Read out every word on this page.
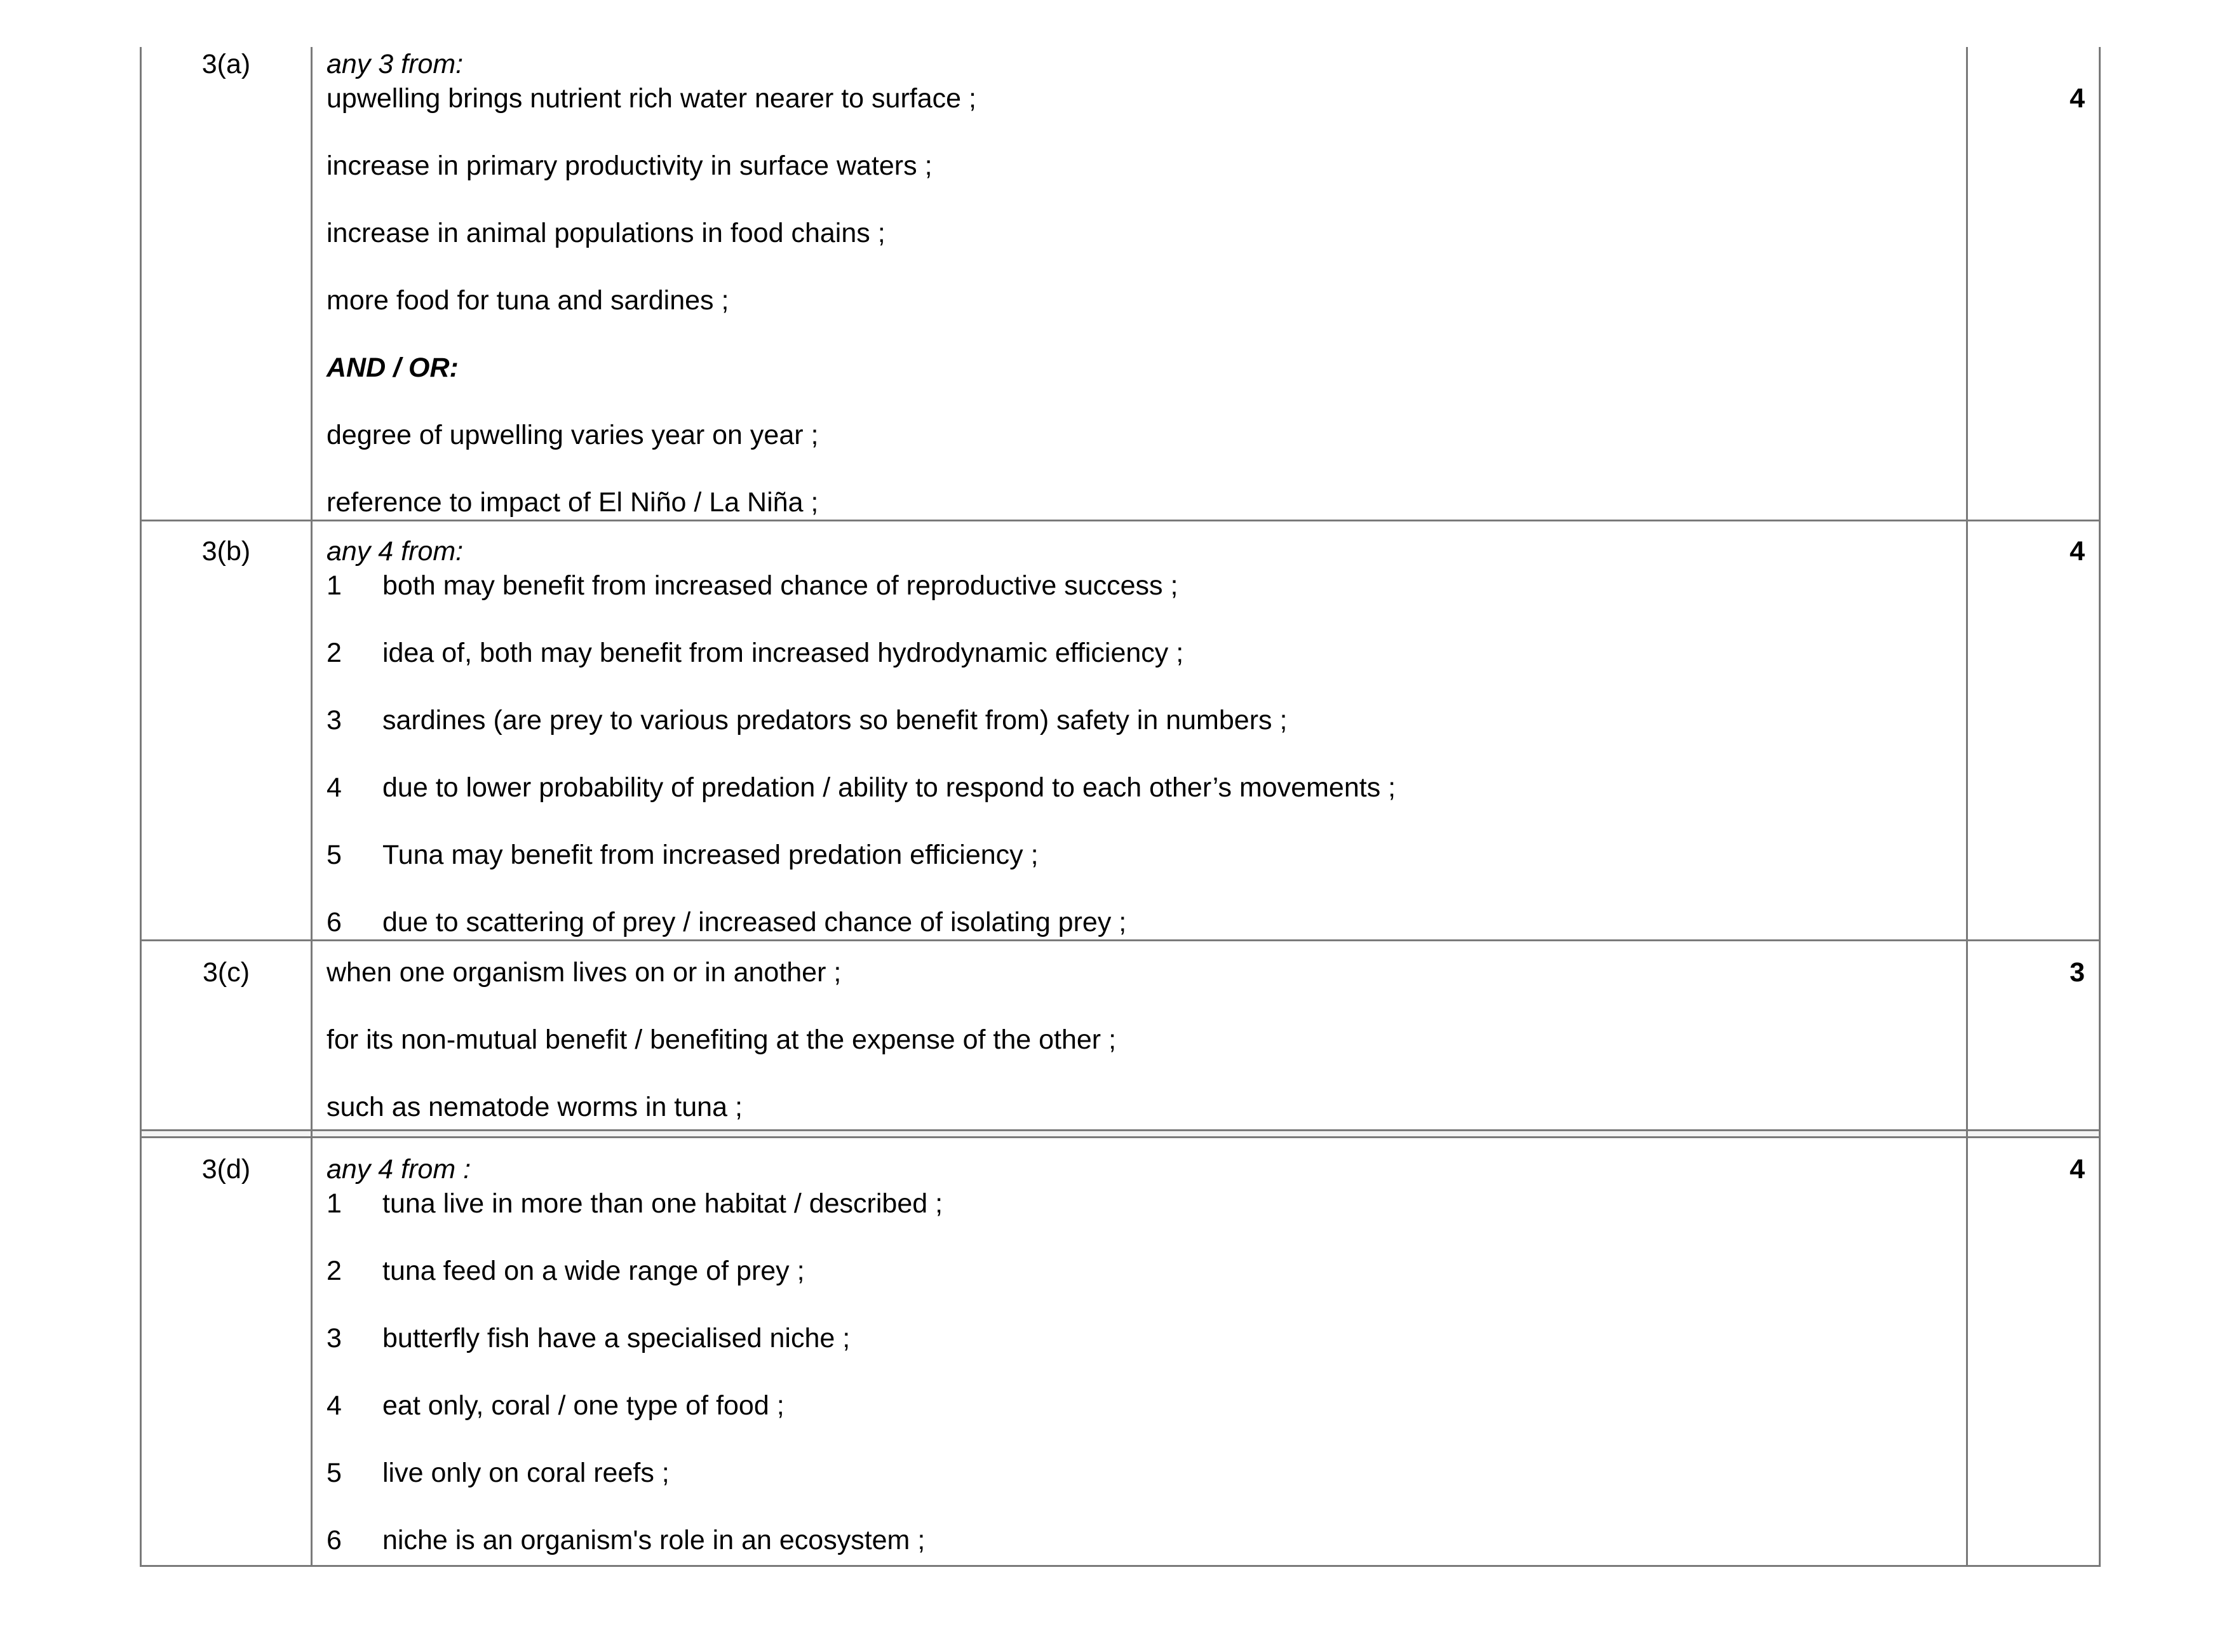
3(a)	any 3 from:
upwelling brings nutrient rich water nearer to surface ;
increase in primary productivity in surface waters ;
increase in animal populations in food chains ;
more food for tuna and sardines ;
AND / OR:
degree of upwelling varies year on year ;
reference to impact of El Niño / La Niña ;
4
3(b)	any 4 from:
1 both may benefit from increased chance of reproductive success ;
2 idea of, both may benefit from increased hydrodynamic efficiency ;
3 sardines (are prey to various predators so benefit from) safety in numbers ;
4 due to lower probability of predation / ability to respond to each other’s movements ;
5 Tuna may benefit from increased predation efficiency ;
6 due to scattering of prey / increased chance of isolating prey ;
4
3(c)	when one organism lives on or in another ;
for its non-mutual benefit / benefiting at the expense of the other ;
such as nematode worms in tuna ;
3
3(d)	any 4 from :
1 tuna live in more than one habitat / described ;
2 tuna feed on a wide range of prey ;
3 butterfly fish have a specialised niche ;
4 eat only, coral / one type of food ;
5 live only on coral reefs ;
6 niche is an organism's role in an ecosystem ;
4
